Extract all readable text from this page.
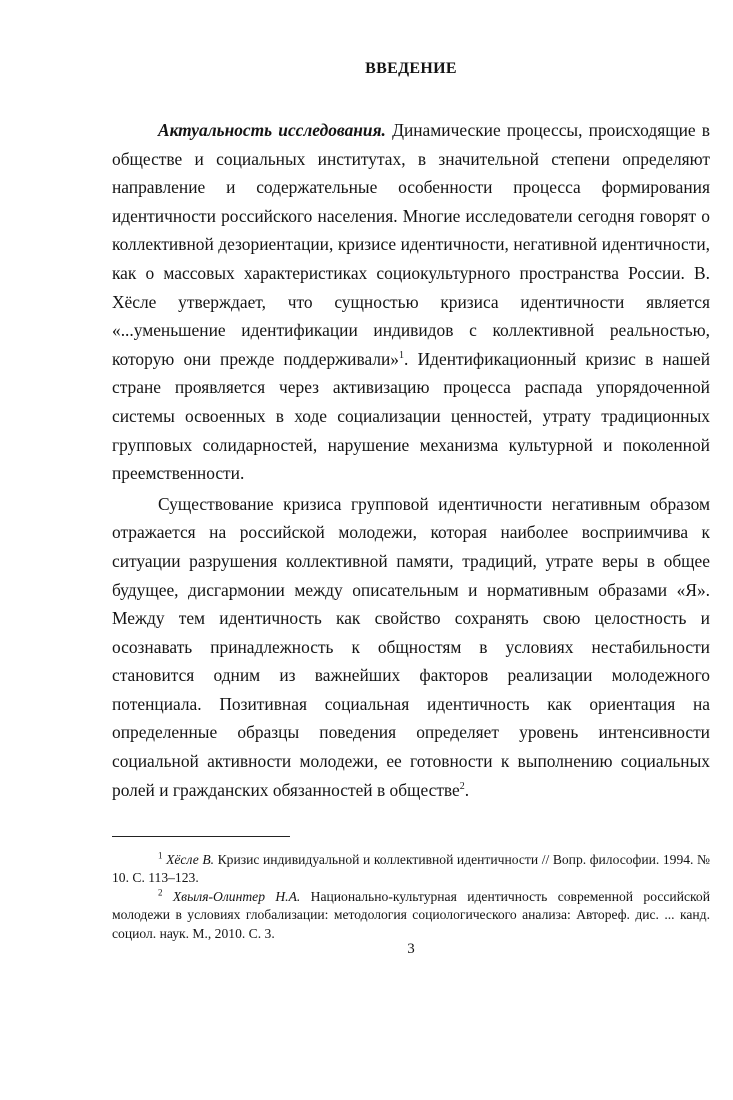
ВВЕДЕНИЕ

Актуальность исследования. Динамические процессы, происходящие в обществе и социальных институтах, в значительной степени определяют направление и содержательные особенности процесса формирования идентичности российского населения. Многие исследователи сегодня говорят о коллективной дезориентации, кризисе идентичности, негативной идентичности, как о массовых характеристиках социокультурного пространства России. В. Хёсле утверждает, что сущностью кризиса идентичности является «...уменьшение идентификации индивидов с коллективной реальностью, которую они прежде поддерживали»$^1$. Идентификационный кризис в нашей стране проявляется через активизацию процесса распада упорядоченной системы освоенных в ходе социализации ценностей, утрату традиционных групповых солидарностей, нарушение механизма культурной и поколенной преемственности.

Существование кризиса групповой идентичности негативным образом отражается на российской молодежи, которая наиболее восприимчива к ситуации разрушения коллективной памяти, традиций, утрате веры в общее будущее, дисгармонии между описательным и нормативным образами «Я». Между тем идентичность как свойство сохранять свою целостность и осознавать принадлежность к общностям в условиях нестабильности становится одним из важнейших факторов реализации молодежного потенциала. Позитивная социальная идентичность как ориентация на определенные образцы поведения определяет уровень интенсивности социальной активности молодежи, ее готовности к выполнению социальных ролей и гражданских обязанностей в обществе$^2$.

$^1$ Хёсле В. Кризис индивидуальной и коллективной идентичности // Вопр. философии. 1994. № 10. С. 113–123.

$^2$ Хвыля-Олинтер Н.А. Национально-культурная идентичность современной российской молодежи в условиях глобализации: методология социологического анализа: Автореф. дис. ... канд. социол. наук. М., 2010. С. 3.

3
